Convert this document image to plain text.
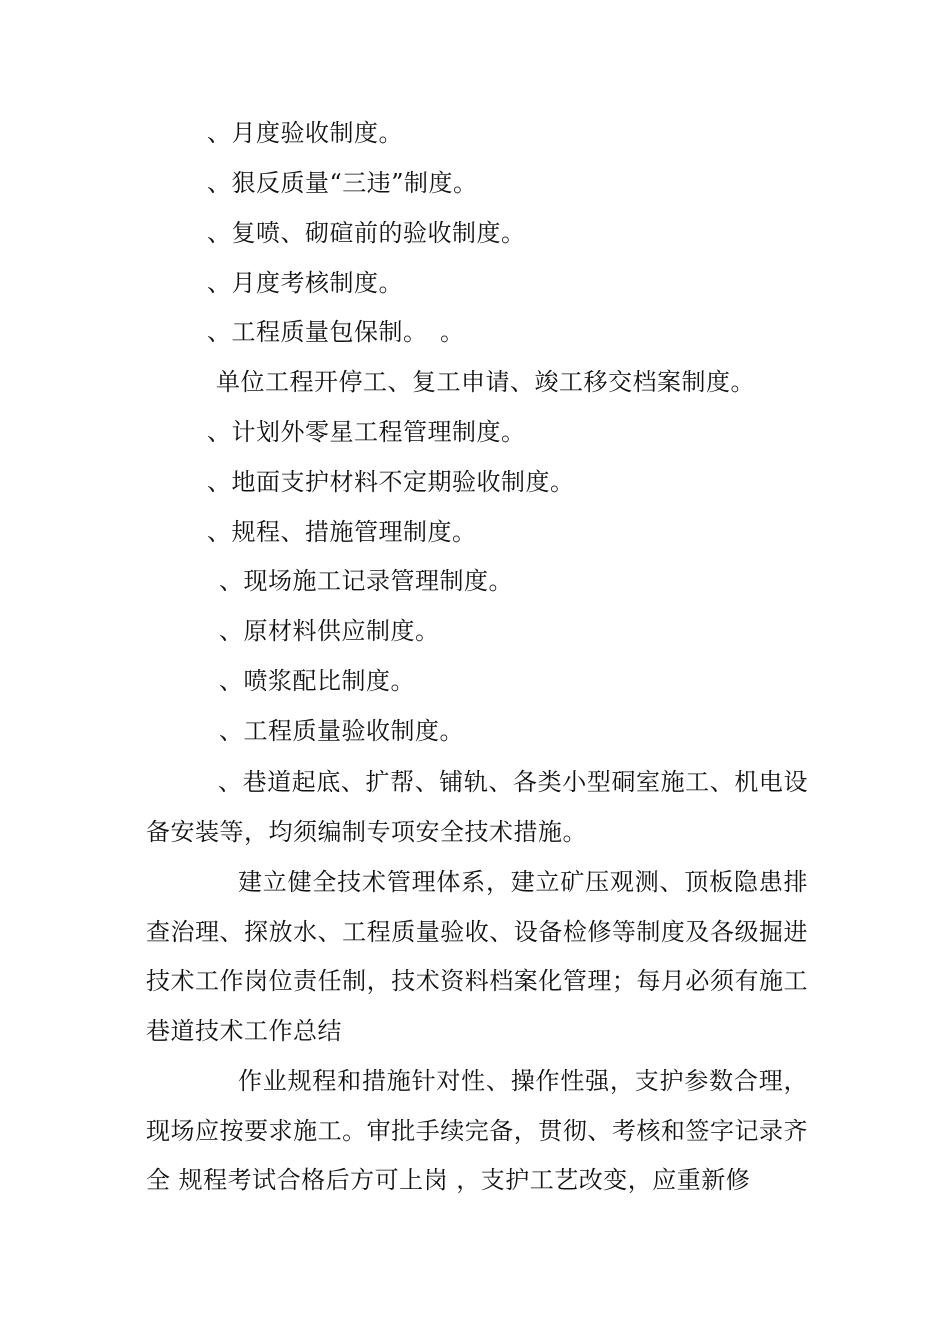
、月度验收制度。
、狠反质量“三违”制度。
、复喷、砌碹前的验收制度。
、月度考核制度。
、工程质量包保制。　。
单位工程开停工、复工申请、竣工移交档案制度。
、计划外零星工程管理制度。
、地面支护材料不定期验收制度。
、规程、措施管理制度。
、现场施工记录管理制度。
、原材料供应制度。
、喷浆配比制度。
、工程质量验收制度。
、巷道起底、扩帮、铺轨、各类小型硐室施工、机电设备安装等，均须编制专项安全技术措施。
建立健全技术管理体系，建立矿压观测、顶板隐患排查治理、探放水、工程质量验收、设备检修等制度及各级掘进技术工作岗位责任制，技术资料档案化管理；每月必须有施工巷道技术工作总结
作业规程和措施针对性、操作性强，支护参数合理，现场应按要求施工。审批手续完备，贯彻、考核和签字记录齐全 规程考试合格后方可上岗 ，支护工艺改变，应重新修
